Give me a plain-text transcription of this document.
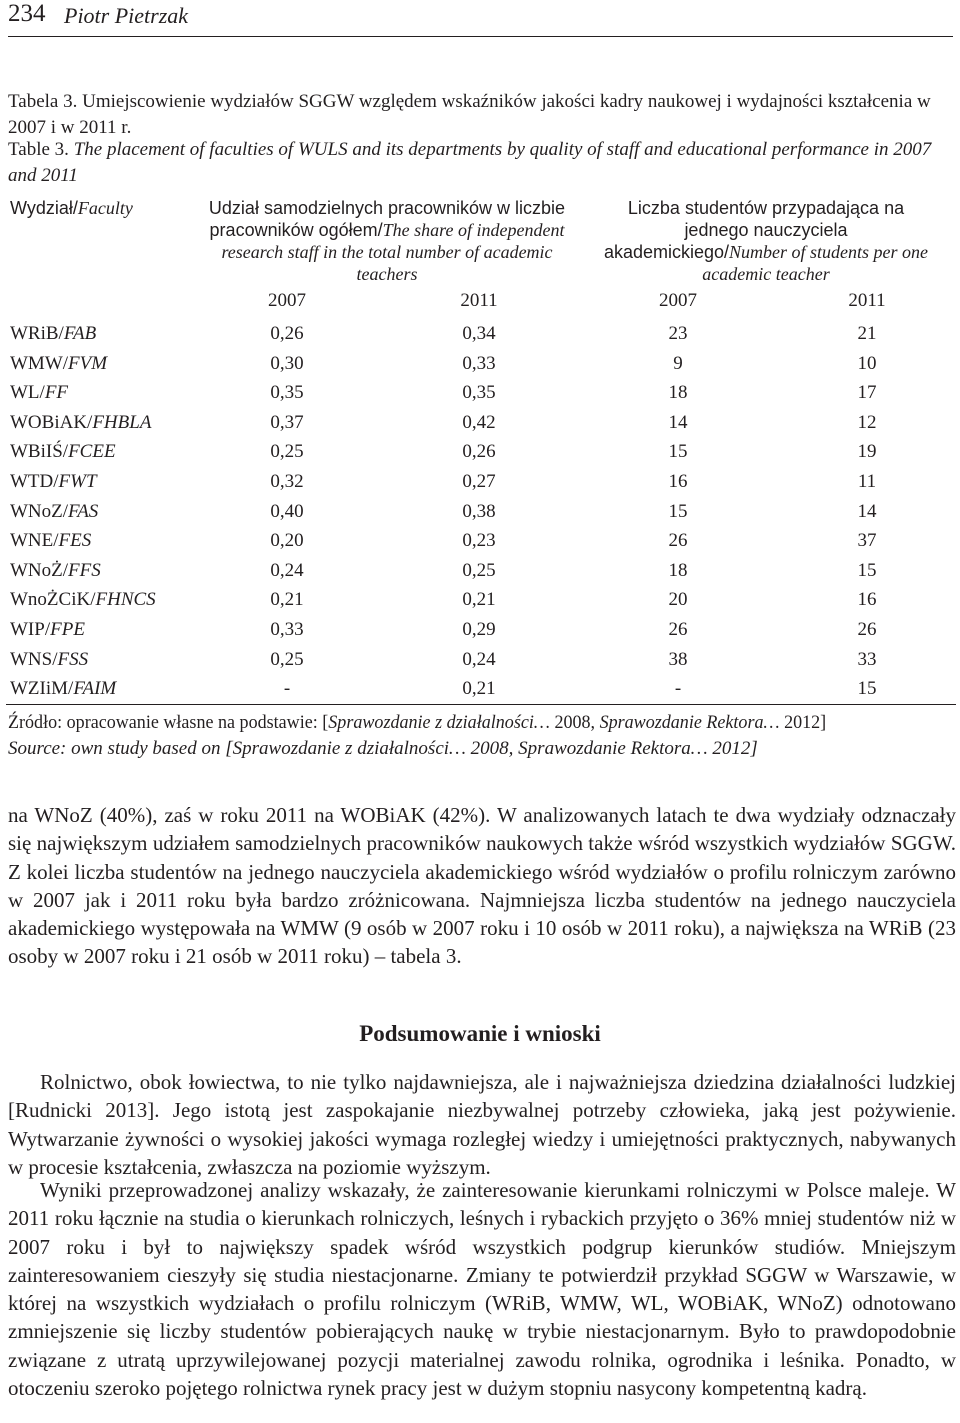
234 Piotr Pietrzak
Tabela 3. Umiejscowienie wydziałów SGGW względem wskaźników jakości kadry naukowej i wydajności kształcenia w 2007 i w 2011 r.
Table 3. The placement of faculties of WULS and its departments by quality of staff and educational performance in 2007 and 2011
Wydział/Faculty	Udział samodzielnych pracowników w liczbie pracowników ogółem/The share of independent research staff in the total number of academic teachers
Liczba studentów przypadająca na jednego nauczyciela akademickiego/Number of students per one academic teacher
2007	2011	2007	2011
WRiB/FAB	0,26	0,34	23	21
WMW/FVM	0,30	0,33	9	10
WL/FF	0,35	0,35	18	17
WOBiAK/FHBLA	0,37	0,42	14	12
WBiIŚ/FCEE	0,25	0,26	15	19
WTD/FWT	0,32	0,27	16	11
WNoZ/FAS	0,40	0,38	15	14
WNE/FES	0,20	0,23	26	37
WNoŻ/FFS	0,24	0,25	18	15
WnoŻCiK/FHNCS	0,21	0,21	20	16
WIP/FPE	0,33	0,29	26	26
WNS/FSS	0,25	0,24	38	33
WZIiM/FAIM	-	0,21	-	15
Źródło: opracowanie własne na podstawie: [Sprawozdanie z działalności… 2008, Sprawozdanie Rektora… 2012]
Source: own study based on [Sprawozdanie z działalności… 2008, Sprawozdanie Rektora… 2012]
na WNoZ (40%), zaś w roku 2011 na WOBiAK (42%). W analizowanych latach te dwa wydziały odznaczały się największym udziałem samodzielnych pracowników naukowych także wśród wszystkich wydziałów SGGW. Z kolei liczba studentów na jednego nauczyciela akademickiego wśród wydziałów o profilu rolniczym zarówno w 2007 jak i 2011 roku była bardzo zróżnicowana. Najmniejsza liczba studentów na jednego nauczyciela akademickiego występowała na WMW (9 osób w 2007 roku i 10 osób w 2011 roku), a największa na WRiB (23 osoby w 2007 roku i 21 osób w 2011 roku) – tabela 3.
Podsumowanie i wnioski
Rolnictwo, obok łowiectwa, to nie tylko najdawniejsza, ale i najważniejsza dziedzina działalności ludzkiej [Rudnicki 2013]. Jego istotą jest zaspokajanie niezbywalnej potrzeby człowieka, jaką jest pożywienie. Wytwarzanie żywności o wysokiej jakości wymaga rozległej wiedzy i umiejętności praktycznych, nabywanych w procesie kształcenia, zwłaszcza na poziomie wyższym.
Wyniki przeprowadzonej analizy wskazały, że zainteresowanie kierunkami rolniczymi w Polsce maleje. W 2011 roku łącznie na studia o kierunkach rolniczych, leśnych i rybackich przyjęto o 36% mniej studentów niż w 2007 roku i był to największy spadek wśród wszystkich podgrup kierunków studiów. Mniejszym zainteresowaniem cieszyły się studia niestacjonarne. Zmiany te potwierdził przykład SGGW w Warszawie, w której na wszystkich wydziałach o profilu rolniczym (WRiB, WMW, WL, WOBiAK, WNoZ) odnotowano zmniejszenie się liczby studentów pobierających naukę w trybie niestacjonarnym. Było to prawdopodobnie związane z utratą uprzywilejowanej pozycji materialnej zawodu rolnika, ogrodnika i leśnika. Ponadto, w otoczeniu szeroko pojętego rolnictwa rynek pracy jest w dużym stopniu nasycony kompetentną kadrą.
